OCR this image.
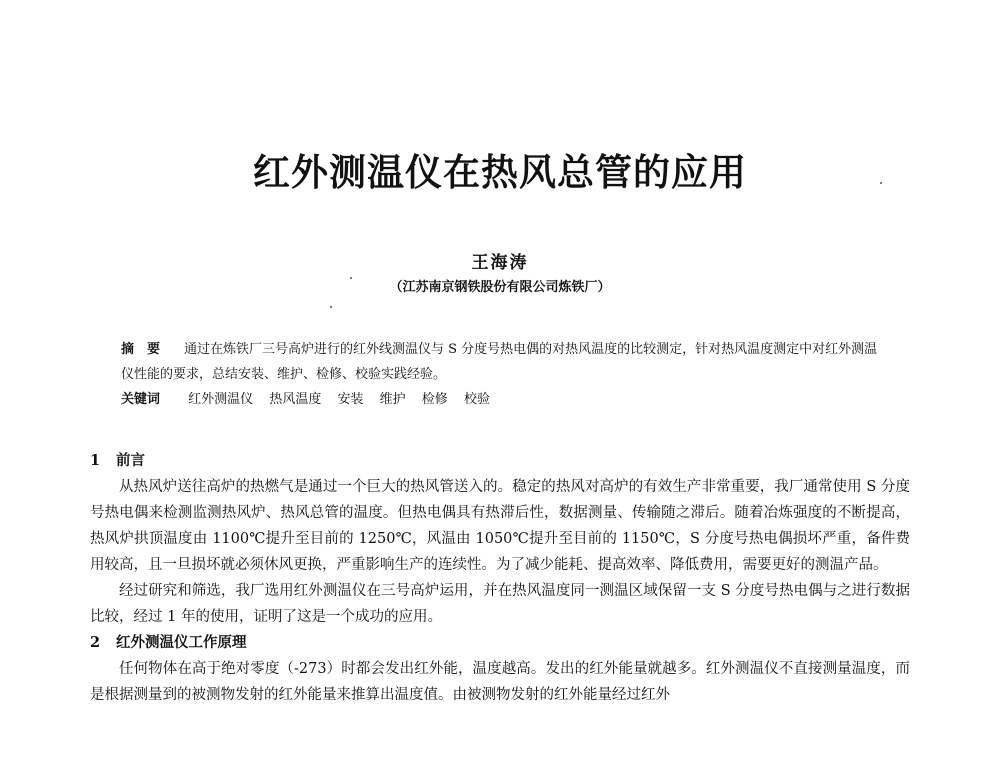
红外测温仪在热风总管的应用
王海涛
（江苏南京钢铁股份有限公司炼铁厂）

摘　要 通过在炼铁厂三号高炉进行的红外线测温仪与 S 分度号热电偶的对热风温度的比较测定，针对热风温度测定中对红外测温仪性能的要求，总结安装、维护、检修、校验实践经验。

关键词 红外测温仪 热风温度 安装 维护 检修 校验

1 前言

从热风炉送往高炉的热燃气是通过一个巨大的热风管送入的。稳定的热风对高炉的有效生产非常重要，我厂通常使用 S 分度号热电偶来检测监测热风炉、热风总管的温度。但热电偶具有热滞后性，数据测量、传输随之滞后。随着冶炼强度的不断提高，热风炉拱顶温度由 1100℃提升至目前的 1250℃，风温由 1050℃提升至目前的 1150℃，S 分度号热电偶损坏严重，备件费用较高，且一旦损坏就必须休风更换，严重影响生产的连续性。为了减少能耗、提高效率、降低费用，需要更好的测温产品。

经过研究和筛选，我厂选用红外测温仪在三号高炉运用，并在热风温度同一测温区域保留一支 S 分度号热电偶与之进行数据比较，经过 1 年的使用，证明了这是一个成功的应用。

2 红外测温仪工作原理

任何物体在高于绝对零度（-273）时都会发出红外能，温度越高。发出的红外能量就越多。红外测温仪不直接测量温度，而是根据测量到的被测物发射的红外能量来推算出温度值。由被测物发射的红外能量经过红外
